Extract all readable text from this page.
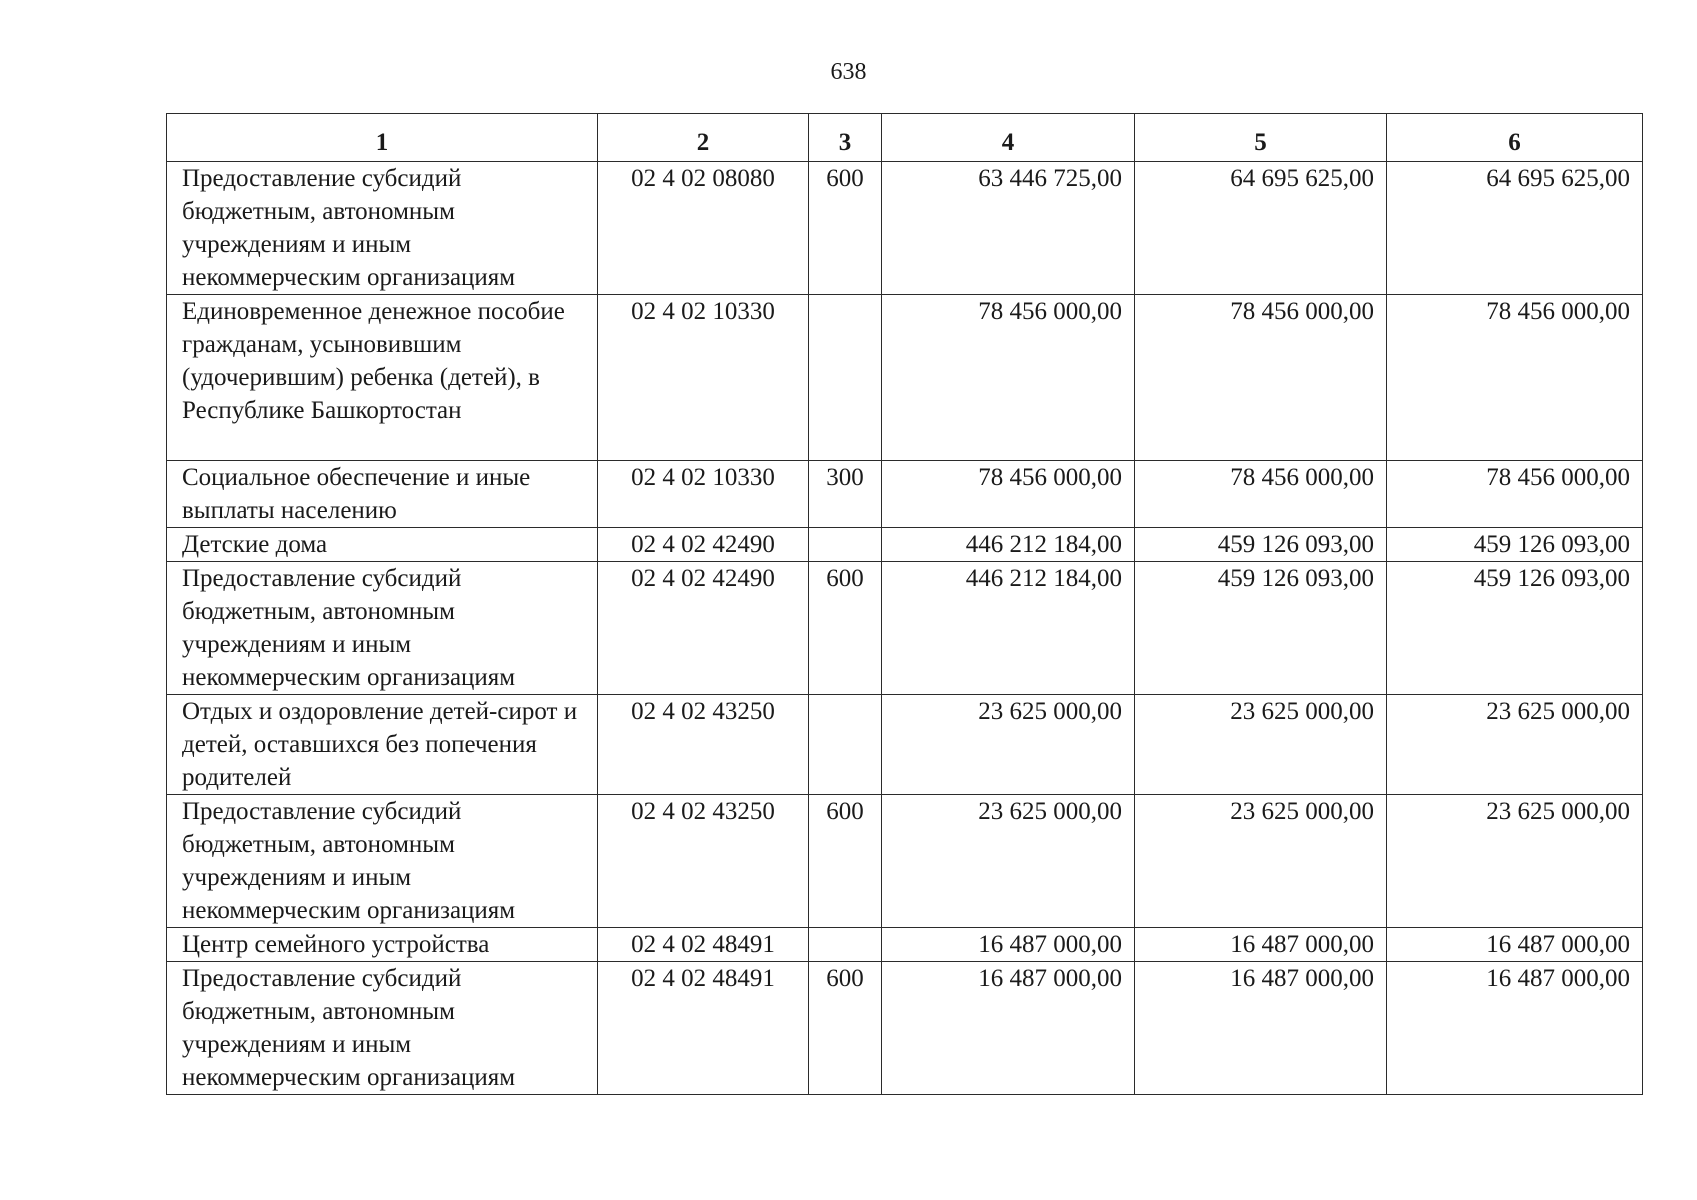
638
1	2	3	4	5	6
Предоставление субсидий бюджетным, автономным учреждениям и иным некоммерческим организациям	02 4 02 08080	600	63 446 725,00	64 695 625,00	64 695 625,00
Единовременное денежное пособие гражданам, усыновившим (удочерившим) ребенка (детей), в Республике Башкортостан	02 4 02 10330		78 456 000,00	78 456 000,00	78 456 000,00
Социальное обеспечение и иные выплаты населению	02 4 02 10330	300	78 456 000,00	78 456 000,00	78 456 000,00
Детские дома	02 4 02 42490		446 212 184,00	459 126 093,00	459 126 093,00
Предоставление субсидий бюджетным, автономным учреждениям и иным некоммерческим организациям	02 4 02 42490	600	446 212 184,00	459 126 093,00	459 126 093,00
Отдых и оздоровление детей-сирот и детей, оставшихся без попечения родителей	02 4 02 43250		23 625 000,00	23 625 000,00	23 625 000,00
Предоставление субсидий бюджетным, автономным учреждениям и иным некоммерческим организациям	02 4 02 43250	600	23 625 000,00	23 625 000,00	23 625 000,00
Центр семейного устройства	02 4 02 48491		16 487 000,00	16 487 000,00	16 487 000,00
Предоставление субсидий бюджетным, автономным учреждениям и иным некоммерческим организациям	02 4 02 48491	600	16 487 000,00	16 487 000,00	16 487 000,00
